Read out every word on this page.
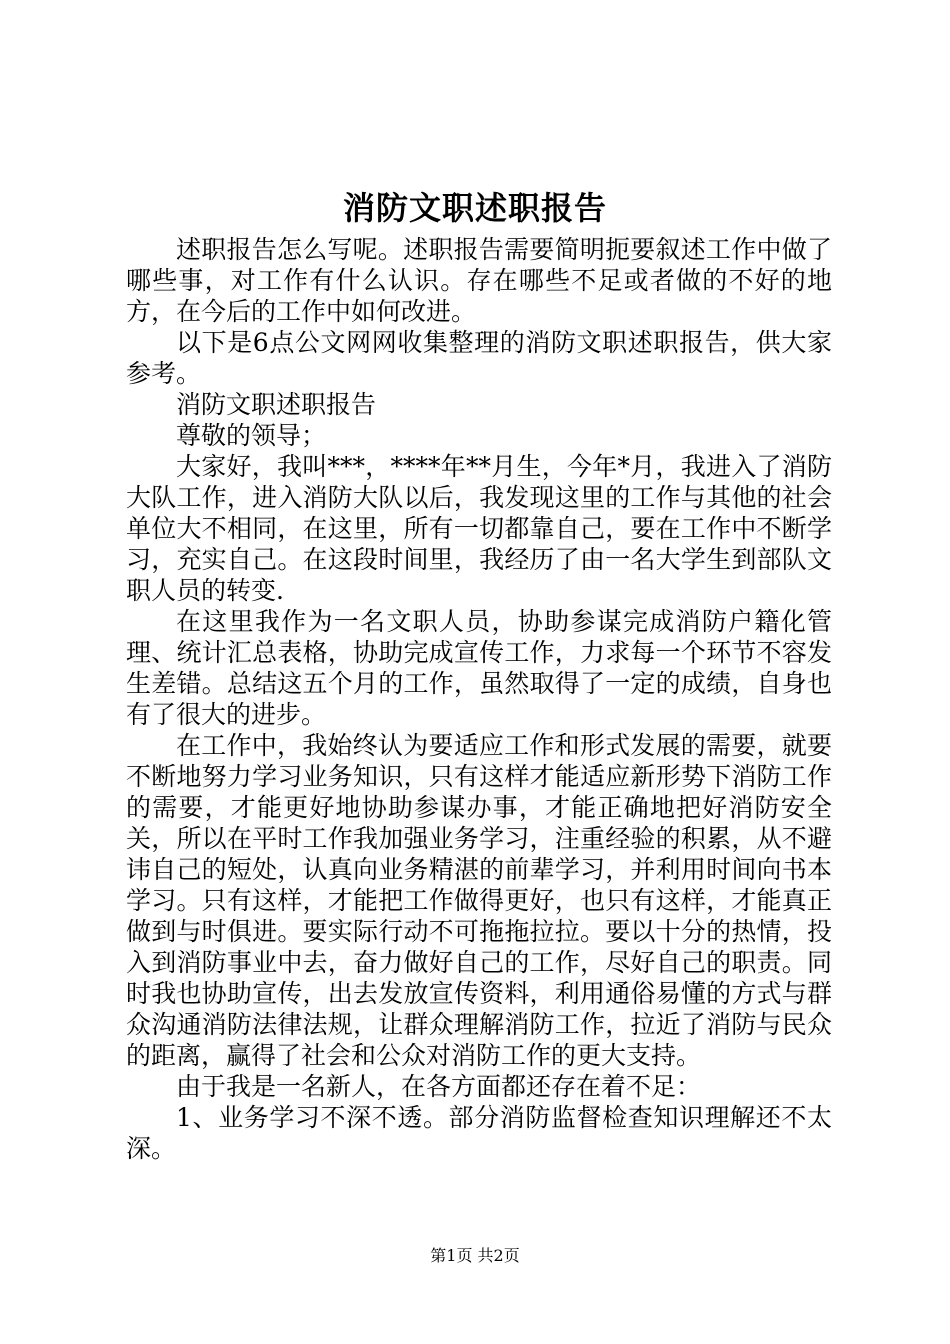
消防文职述职报告

述职报告怎么写呢。述职报告需要简明扼要叙述工作中做了哪些事，对工作有什么认识。存在哪些不足或者做的不好的地方，在今后的工作中如何改进。

以下是6点公文网网收集整理的消防文职述职报告，供大家参考。

消防文职述职报告

尊敬的领导；

大家好，我叫***，****年**月生，今年*月，我进入了消防大队工作，进入消防大队以后，我发现这里的工作与其他的社会单位大不相同，在这里，所有一切都靠自己，要在工作中不断学习，充实自己。在这段时间里，我经历了由一名大学生到部队文职人员的转变.

在这里我作为一名文职人员，协助参谋完成消防户籍化管理、统计汇总表格，协助完成宣传工作，力求每一个环节不容发生差错。总结这五个月的工作，虽然取得了一定的成绩，自身也有了很大的进步。

在工作中，我始终认为要适应工作和形式发展的需要，就要不断地努力学习业务知识，只有这样才能适应新形势下消防工作的需要，才能更好地协助参谋办事，才能正确地把好消防安全关，所以在平时工作我加强业务学习，注重经验的积累，从不避讳自己的短处，认真向业务精湛的前辈学习，并利用时间向书本学习。只有这样，才能把工作做得更好，也只有这样，才能真正做到与时俱进。要实际行动不可拖拖拉拉。要以十分的热情，投入到消防事业中去，奋力做好自己的工作，尽好自己的职责。同时我也协助宣传，出去发放宣传资料，利用通俗易懂的方式与群众沟通消防法律法规，让群众理解消防工作，拉近了消防与民众的距离，赢得了社会和公众对消防工作的更大支持。

由于我是一名新人，在各方面都还存在着不足：

1、业务学习不深不透。部分消防监督检查知识理解还不太深。

第1页 共2页
